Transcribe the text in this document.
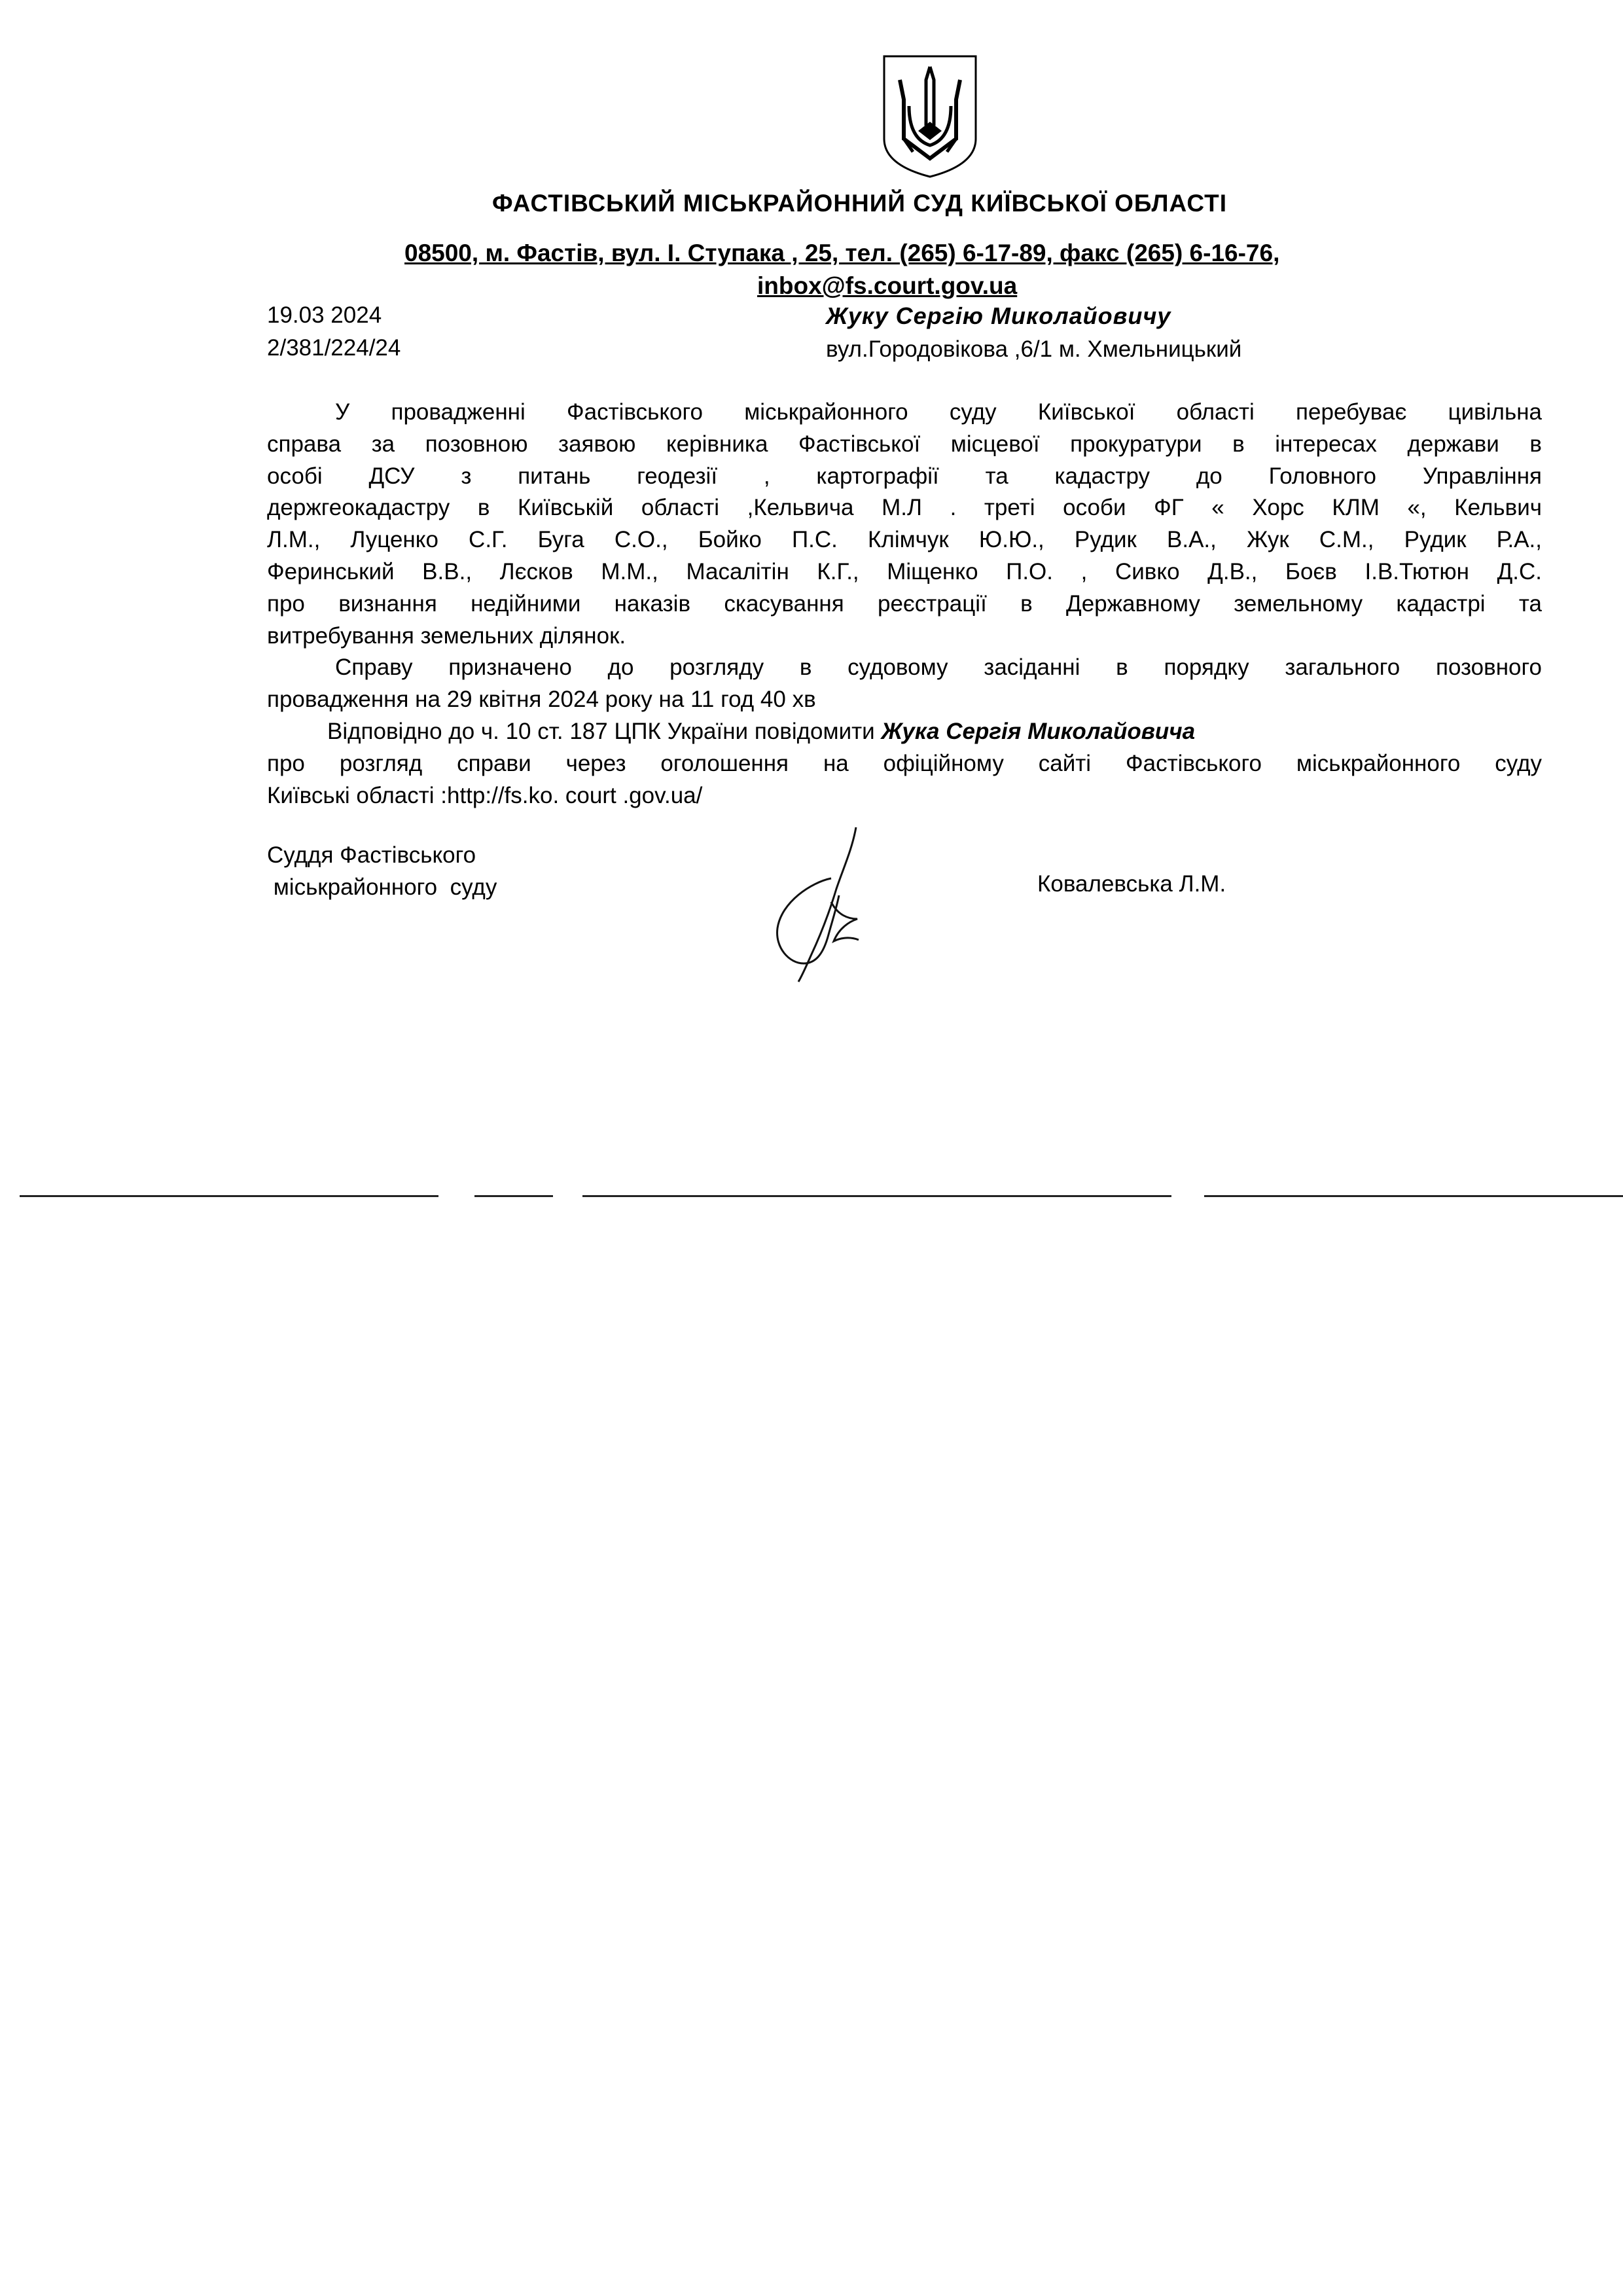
ФАСТІВСЬКИЙ МІСЬКРАЙОННИЙ СУД КИЇВСЬКОЇ ОБЛАСТІ
08500, м. Фастів, вул. І. Ступака , 25, тел. (265) 6-17-89, факс (265) 6-16-76,
inbox@fs.court.gov.ua
19.03 2024
2/381/224/24
Жуку Сергію Миколайовичу
вул.Городовікова ,6/1 м. Хмельницький
У провадженні Фастівського міськрайонного суду Київської області перебуває цивільна
справа за позовною заявою керівника Фастівської місцевої прокуратури в інтересах держави в
особі ДСУ з питань геодезії , картографії та кадастру до Головного Управління
держгеокадастру в Київській області ,Кельвича М.Л . треті особи ФГ « Хорс КЛМ «, Кельвич
Л.М., Луценко С.Г. Буга С.О., Бойко П.С. Клімчук Ю.Ю., Рудик В.А., Жук С.М., Рудик Р.А.,
Феринський В.В., Лєсков М.М., Масалітін К.Г., Міщенко П.О. , Сивко Д.В., Боєв І.В.Тютюн Д.С.
про визнання недійними наказів скасування реєстрації в Державному земельному кадастрі та
витребування земельних ділянок.
Справу призначено до розгляду в судовому засіданні в порядку загального позовного
провадження на 29 квітня 2024 року на 11 год 40 хв
Відповідно до ч. 10 ст. 187 ЦПК України повідомити Жука Сергія Миколайовича
про розгляд справи через оголошення на офіційному сайті Фастівського міськрайонного суду
Київські області :http://fs.ko. court .gov.ua/
Суддя Фастівського
міськрайонного  суду	Ковалевська Л.М.
